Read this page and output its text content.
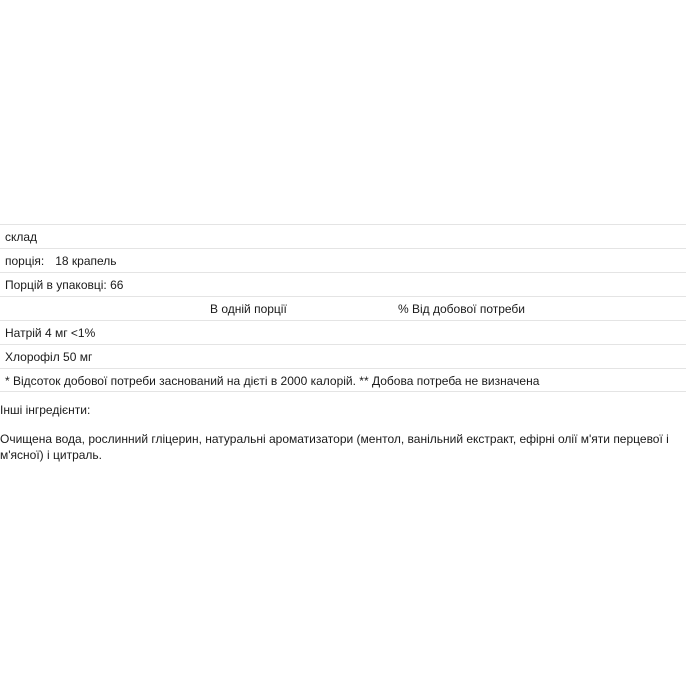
склад
порція: 18 крапель
Порцій в упаковці: 66
В одній порції	% Від добової потреби
Натрій 4 мг <1%
Хлорофіл 50 мг
* Відсоток добової потреби заснований на дієті в 2000 калорій. ** Добова потреба не визначена

Інші інгредієнти:

Очищена вода, рослинний гліцерин, натуральні ароматизатори (ментол, ванільний екстракт, ефірні олії м'яти перцевої і м'ясної) і цитраль.
